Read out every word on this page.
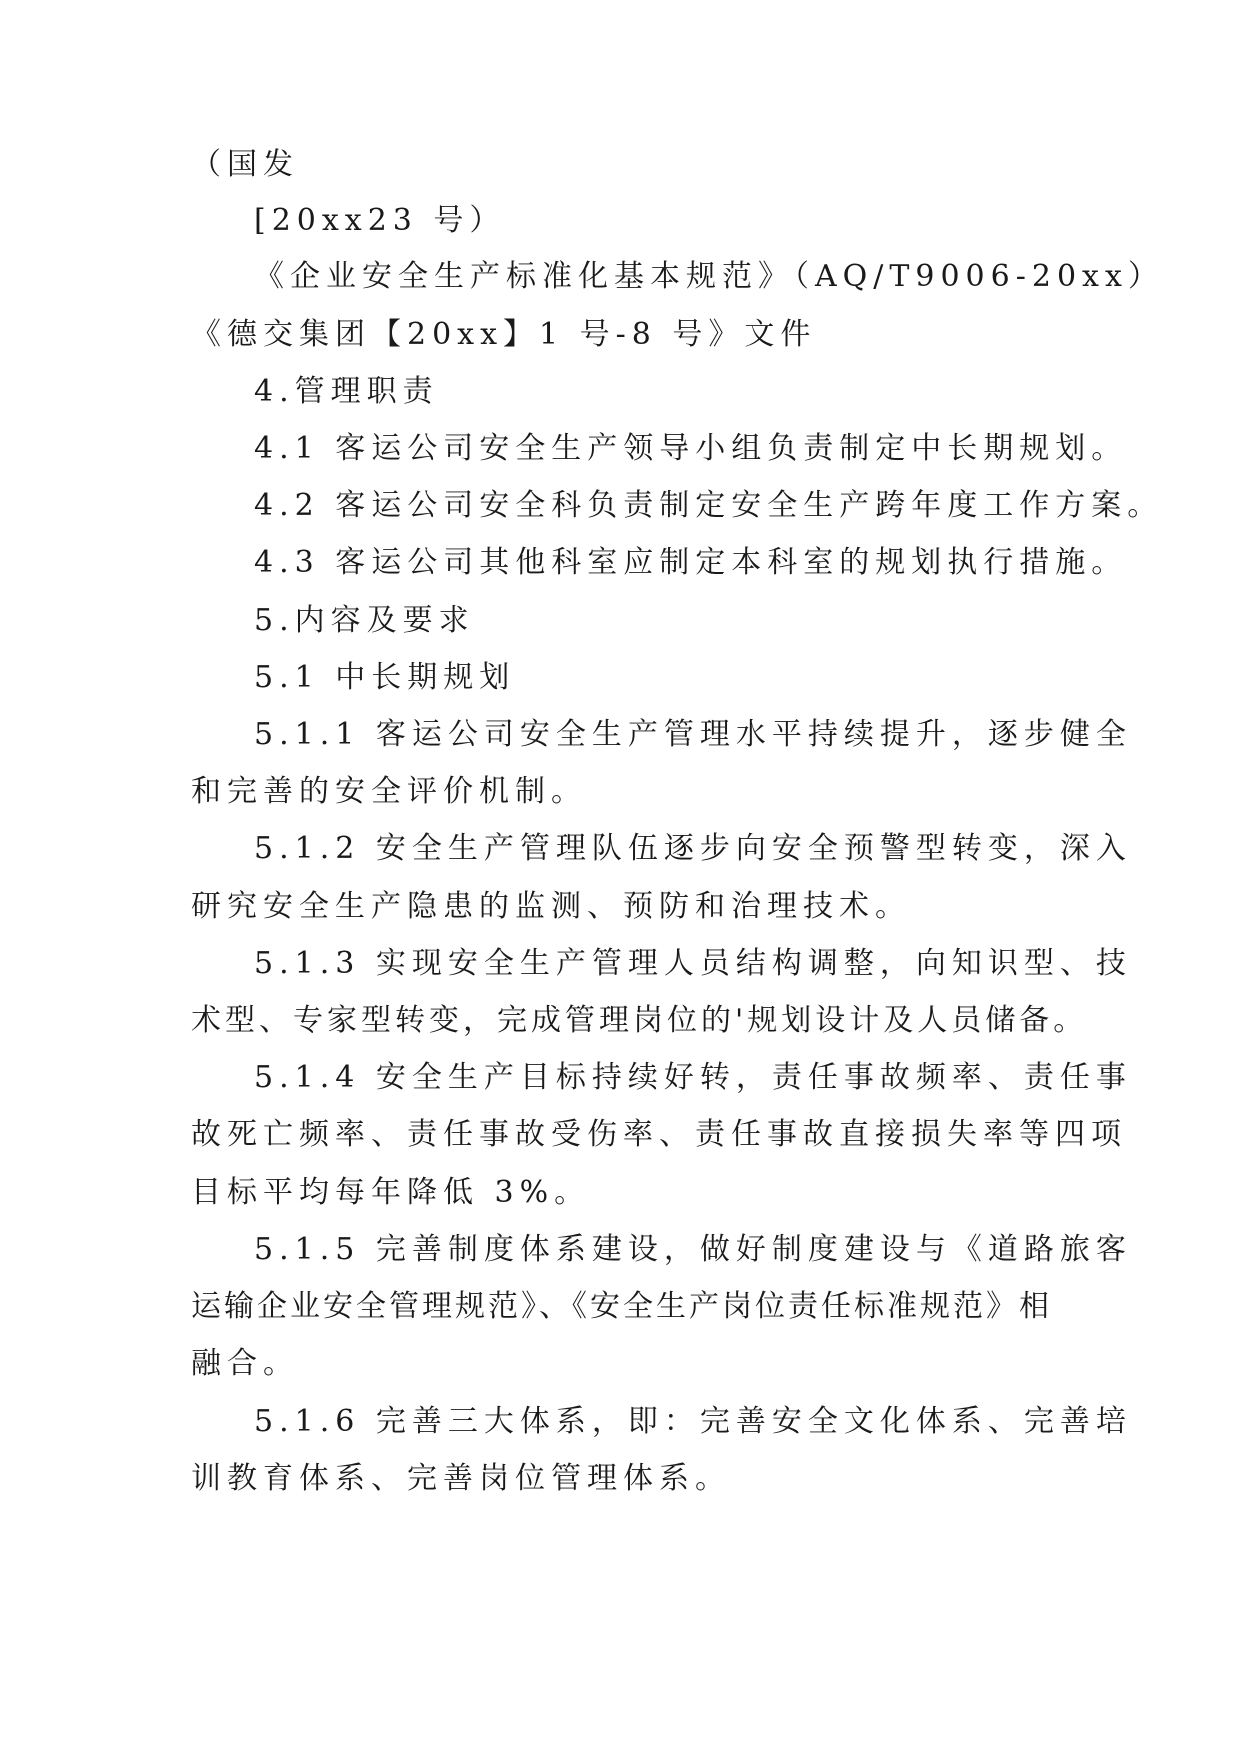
（国发
[20xx23 号）
《企业安全生产标准化基本规范》（AQ/T9006-20xx）
《德交集团【20xx】1 号-8 号》文件
4.管理职责
4.1 客运公司安全生产领导小组负责制定中长期规划。
4.2 客运公司安全科负责制定安全生产跨年度工作方案。
4.3 客运公司其他科室应制定本科室的规划执行措施。
5.内容及要求
5.1 中长期规划
5.1.1 客运公司安全生产管理水平持续提升，逐步健全
和完善的安全评价机制。
5.1.2 安全生产管理队伍逐步向安全预警型转变，深入
研究安全生产隐患的监测、预防和治理技术。
5.1.3 实现安全生产管理人员结构调整，向知识型、技
术型、专家型转变，完成管理岗位的'规划设计及人员储备。
5.1.4 安全生产目标持续好转，责任事故频率、责任事
故死亡频率、责任事故受伤率、责任事故直接损失率等四项
目标平均每年降低 3%。
5.1.5 完善制度体系建设，做好制度建设与《道路旅客
运输企业安全管理规范》、《安全生产岗位责任标准规范》相
融合。
5.1.6 完善三大体系，即：完善安全文化体系、完善培
训教育体系、完善岗位管理体系。
